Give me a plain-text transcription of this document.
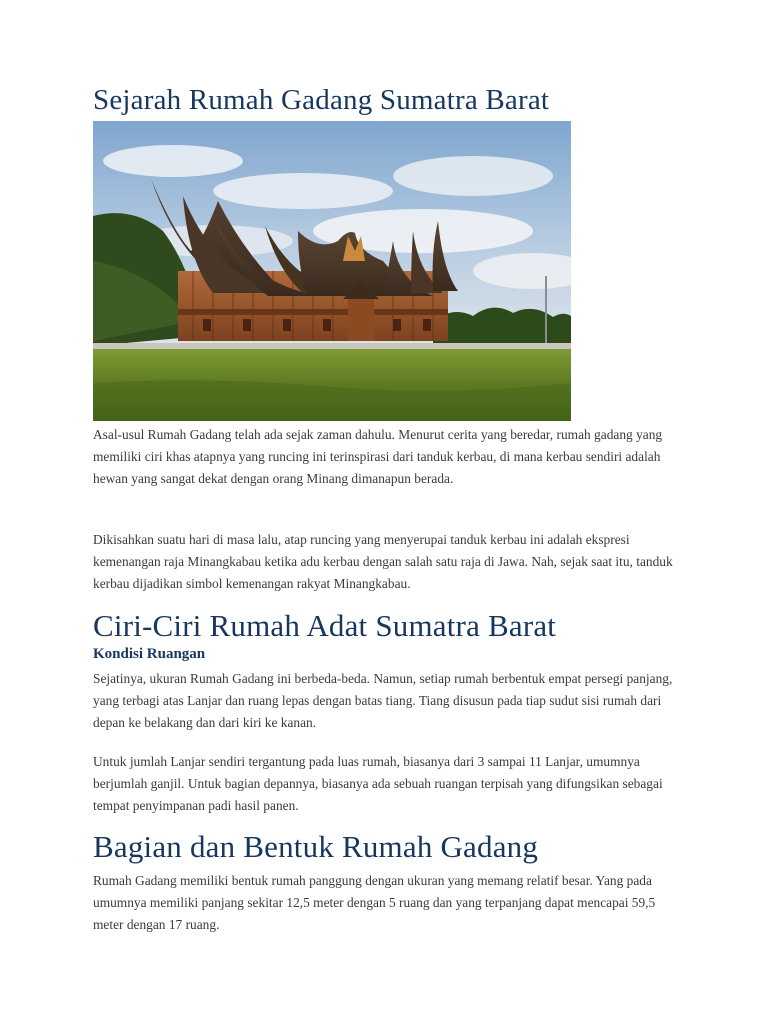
Sejarah Rumah Gadang Sumatra Barat

Asal-usul Rumah Gadang telah ada sejak zaman dahulu. Menurut cerita yang beredar, rumah gadang yang memiliki ciri khas atapnya yang runcing ini terinspirasi dari tanduk kerbau, di mana kerbau sendiri adalah hewan yang sangat dekat dengan orang Minang dimanapun berada.

Dikisahkan suatu hari di masa lalu, atap runcing yang menyerupai tanduk kerbau ini adalah ekspresi kemenangan raja Minangkabau ketika adu kerbau dengan salah satu raja di Jawa. Nah, sejak saat itu, tanduk kerbau dijadikan simbol kemenangan rakyat Minangkabau.

Ciri-Ciri Rumah Adat Sumatra Barat
Kondisi Ruangan

Sejatinya, ukuran Rumah Gadang ini berbeda-beda. Namun, setiap rumah berbentuk empat persegi panjang, yang terbagi atas Lanjar dan ruang lepas dengan batas tiang. Tiang disusun pada tiap sudut sisi rumah dari depan ke belakang dan dari kiri ke kanan.

Untuk jumlah Lanjar sendiri tergantung pada luas rumah, biasanya dari 3 sampai 11 Lanjar, umumnya berjumlah ganjil. Untuk bagian depannya, biasanya ada sebuah ruangan terpisah yang difungsikan sebagai tempat penyimpanan padi hasil panen.

Bagian dan Bentuk Rumah Gadang

Rumah Gadang memiliki bentuk rumah panggung dengan ukuran yang memang relatif besar. Yang pada umumnya memiliki panjang sekitar 12,5 meter dengan 5 ruang dan yang terpanjang dapat mencapai 59,5 meter dengan 17 ruang.
